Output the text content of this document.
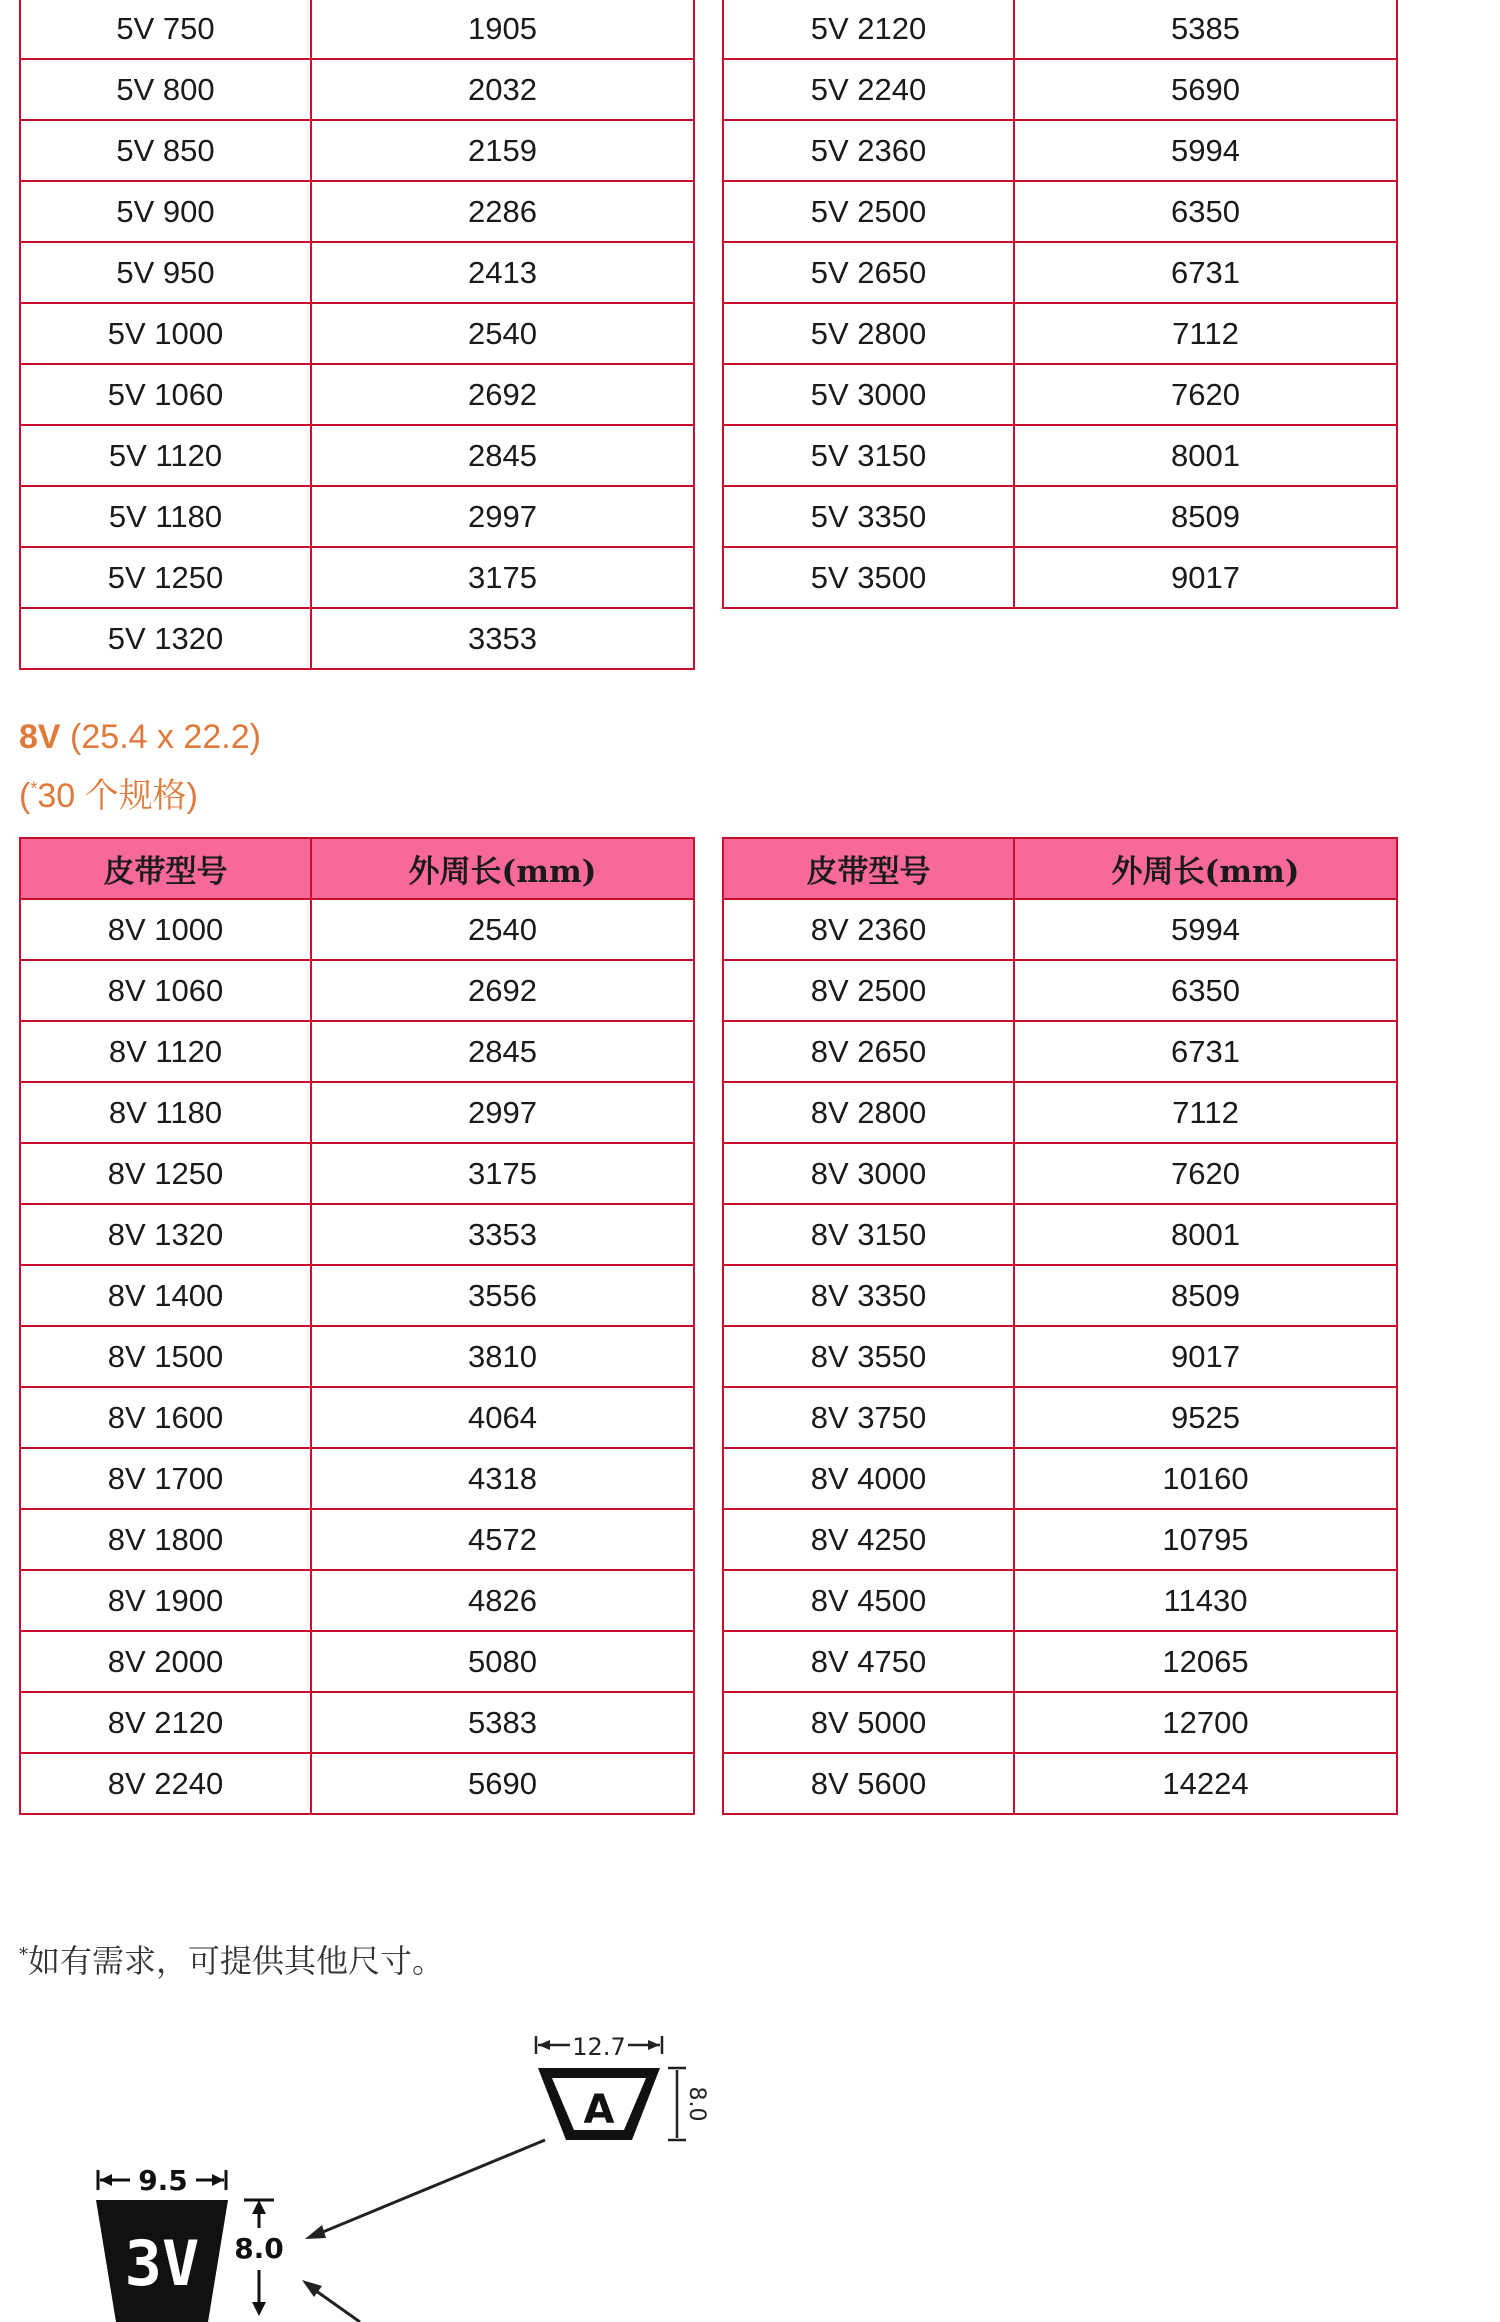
5V 750	1905
5V 800	2032
5V 850	2159
5V 900	2286
5V 950	2413
5V 1000	2540
5V 1060	2692
5V 1120	2845
5V 1180	2997
5V 1250	3175
5V 1320	3353
5V 2120	5385
5V 2240	5690
5V 2360	5994
5V 2500	6350
5V 2650	6731
5V 2800	7112
5V 3000	7620
5V 3150	8001
5V 3350	8509
5V 3500	9017
8V (25.4 x 22.2)
(*30 个规格)
皮带型号	外周长(mm)
8V 1000	2540
8V 1060	2692
8V 1120	2845
8V 1180	2997
8V 1250	3175
8V 1320	3353
8V 1400	3556
8V 1500	3810
8V 1600	4064
8V 1700	4318
8V 1800	4572
8V 1900	4826
8V 2000	5080
8V 2120	5383
8V 2240	5690
皮带型号	外周长(mm)
8V 2360	5994
8V 2500	6350
8V 2650	6731
8V 2800	7112
8V 3000	7620
8V 3150	8001
8V 3350	8509
8V 3550	9017
8V 3750	9525
8V 4000	10160
8V 4250	10795
8V 4500	11430
8V 4750	12065
8V 5000	12700
8V 5600	14224
*如有需求，可提供其他尺寸。
12.7
A	8.0
9.5
3V 8.0
